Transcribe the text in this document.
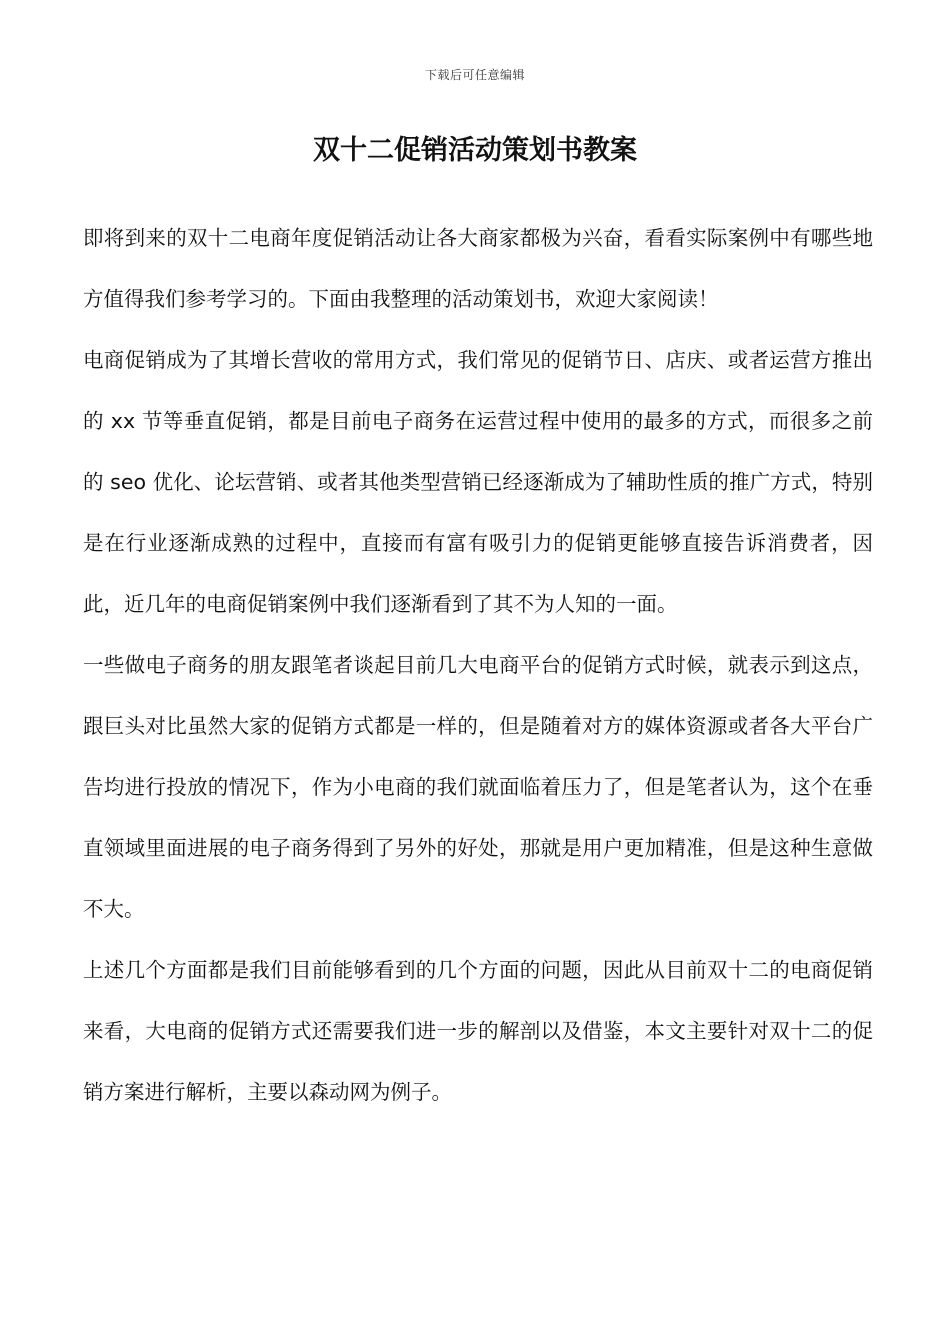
下载后可任意编辑
双十二促销活动策划书教案

即将到来的双十二电商年度促销活动让各大商家都极为兴奋，看看实际案例中有哪些地方值得我们参考学习的。下面由我整理的活动策划书，欢迎大家阅读！

电商促销成为了其增长营收的常用方式，我们常见的促销节日、店庆、或者运营方推出的 xx 节等垂直促销，都是目前电子商务在运营过程中使用的最多的方式，而很多之前的 seo 优化、论坛营销、或者其他类型营销已经逐渐成为了辅助性质的推广方式，特别是在行业逐渐成熟的过程中，直接而有富有吸引力的促销更能够直接告诉消费者，因此，近几年的电商促销案例中我们逐渐看到了其不为人知的一面。

一些做电子商务的朋友跟笔者谈起目前几大电商平台的促销方式时候，就表示到这点，跟巨头对比虽然大家的促销方式都是一样的，但是随着对方的媒体资源或者各大平台广告均进行投放的情况下，作为小电商的我们就面临着压力了，但是笔者认为，这个在垂直领域里面进展的电子商务得到了另外的好处，那就是用户更加精准，但是这种生意做不大。

上述几个方面都是我们目前能够看到的几个方面的问题，因此从目前双十二的电商促销来看，大电商的促销方式还需要我们进一步的解剖以及借鉴，本文主要针对双十二的促销方案进行解析，主要以森动网为例子。
